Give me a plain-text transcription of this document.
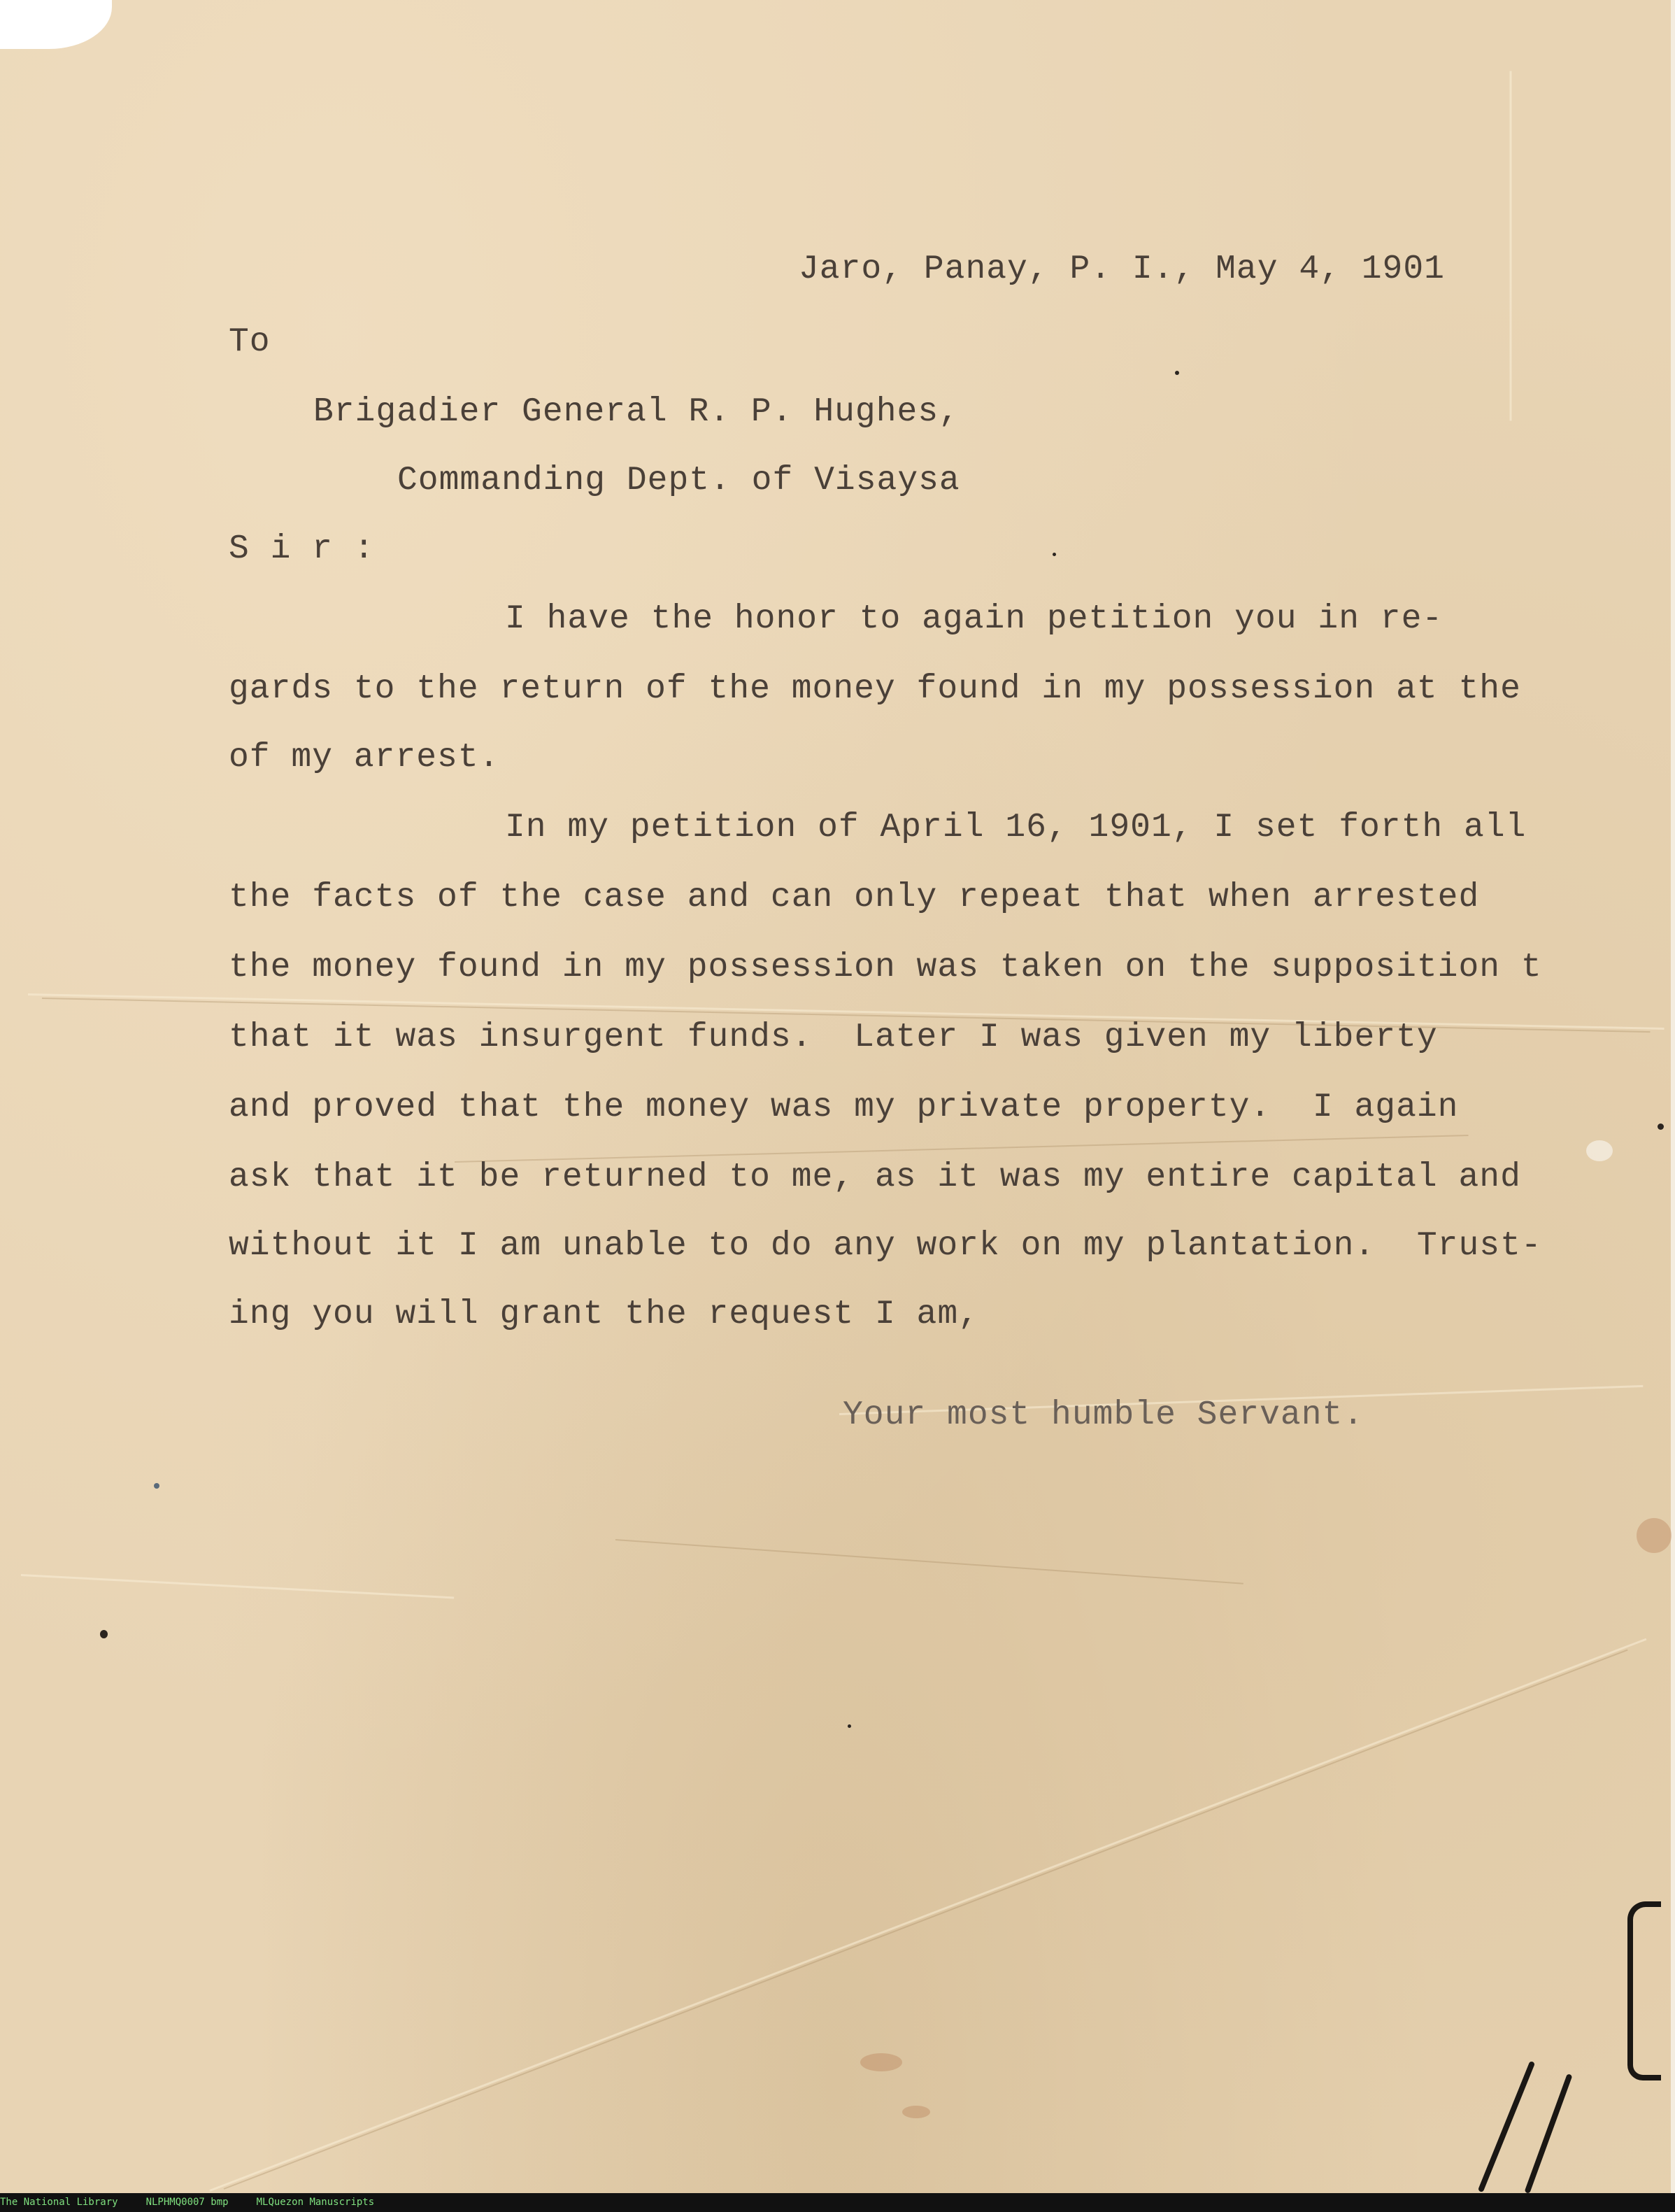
Jaro, Panay, P. I., May 4, 1901

To

Brigadier General R. P. Hughes,

Commanding Dept. of Visaysa

S i r :

I have the honor to again petition you in re-

gards to the return of the money found in my possession at the

of my arrest.

In my petition of April 16, 1901, I set forth all

the facts of the case and can only repeat that when arrested

the money found in my possession was taken on the supposition t

that it was insurgent funds.  Later I was given my liberty

and proved that the money was my private property.  I again

ask that it be returned to me, as it was my entire capital and

without it I am unable to do any work on my plantation.  Trust-

ing you will grant the request I am,

Your most humble Servant.

The National Library	NLPHMQ0007 bmp	MLQuezon Manuscripts
